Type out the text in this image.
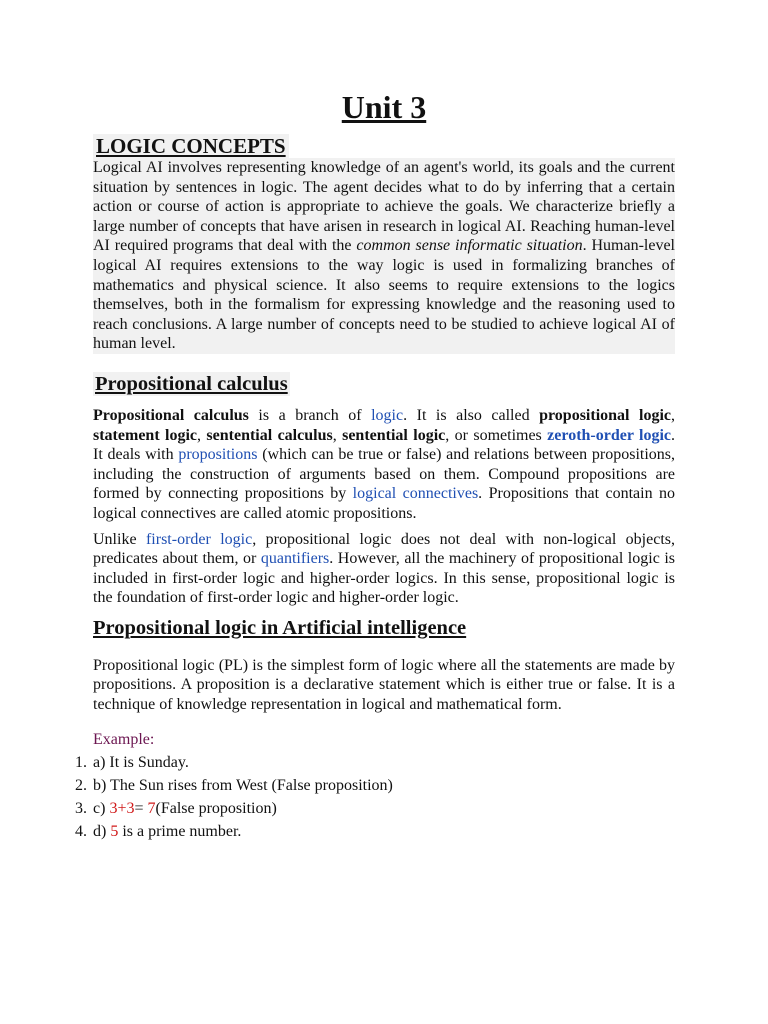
Unit 3
LOGIC CONCEPTS

Logical AI involves representing knowledge of an agent's world, its goals and the current situation by sentences in logic. The agent decides what to do by inferring that a certain action or course of action is appropriate to achieve the goals. We characterize briefly a large number of concepts that have arisen in research in logical AI. Reaching human-level AI required programs that deal with the common sense informatic situation. Human-level logical AI requires extensions to the way logic is used in formalizing branches of mathematics and physical science. It also seems to require extensions to the logics themselves, both in the formalism for expressing knowledge and the reasoning used to reach conclusions. A large number of concepts need to be studied to achieve logical AI of human level.

Propositional calculus

Propositional calculus is a branch of logic. It is also called propositional logic, statement logic, sentential calculus, sentential logic, or sometimes zeroth-order logic. It deals with propositions (which can be true or false) and relations between propositions, including the construction of arguments based on them. Compound propositions are formed by connecting propositions by logical connectives. Propositions that contain no logical connectives are called atomic propositions.

Unlike first-order logic, propositional logic does not deal with non-logical objects, predicates about them, or quantifiers. However, all the machinery of propositional logic is included in first-order logic and higher-order logics. In this sense, propositional logic is the foundation of first-order logic and higher-order logic.

Propositional logic in Artificial intelligence

Propositional logic (PL) is the simplest form of logic where all the statements are made by propositions. A proposition is a declarative statement which is either true or false. It is a technique of knowledge representation in logical and mathematical form.

Example:
1. a) It is Sunday.
2. b) The Sun rises from West (False proposition)
3. c) 3+3= 7(False proposition)
4. d) 5 is a prime number.
